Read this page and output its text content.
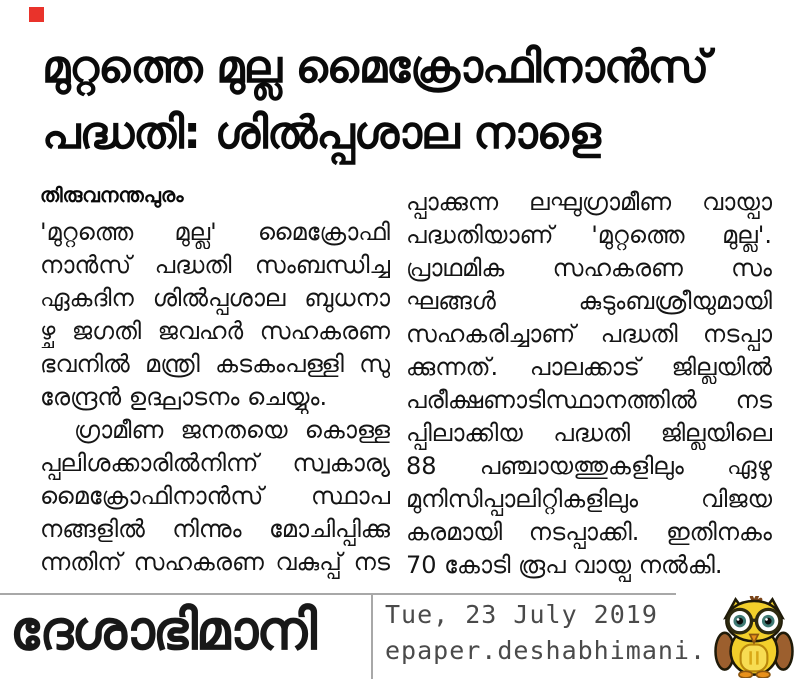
മുറ്റത്തെ മുല്ല മൈക്രോഫിനാൻസ്
പദ്ധതി: ശിൽപ്പശാല നാളെ
തിരുവനന്തപുരം
'മുറ്റത്തെ മുല്ല' മൈക്രോഫി
നാൻസ് പദ്ധതി സംബന്ധിച്ച
ഏകദിന ശിൽപ്പശാല ബുധനാ
ഴ്ച ജഗതി ജവഹർ സഹകരണ
ഭവനിൽ മന്ത്രി കടകംപള്ളി സു
രേന്ദ്രൻ ഉദ്ഘാടനം ചെയ്യും.
ഗ്രാമീണ ജനതയെ കൊള്ള
പ്പലിശക്കാരിൽനിന്ന് സ്വകാര്യ
മൈക്രോഫിനാൻസ് സ്ഥാപ
നങ്ങളിൽ നിന്നും മോചിപ്പിക്കു
ന്നതിന് സഹകരണ വകുപ്പ് നട
പ്പാക്കുന്ന ലഘുഗ്രാമീണ വായ്പാ
പദ്ധതിയാണ് 'മുറ്റത്തെ മുല്ല'.
പ്രാഥമിക സഹകരണ സം
ഘങ്ങൾ കുടുംബശ്രീയുമായി
സഹകരിച്ചാണ് പദ്ധതി നടപ്പാ
ക്കുന്നത്. പാലക്കാട് ജില്ലയിൽ
പരീക്ഷണാടിസ്ഥാനത്തിൽ നട
പ്പിലാക്കിയ പദ്ധതി ജില്ലയിലെ
88 പഞ്ചായത്തുകളിലും ഏഴു
മുനിസിപ്പാലിറ്റികളിലും വിജയ
കരമായി നടപ്പാക്കി. ഇതിനകം
70 കോടി രൂപ വായ്പ നൽകി.
ദേശാഭിമാനി	Tue, 23 July 2019
epaper.deshabhimani.
